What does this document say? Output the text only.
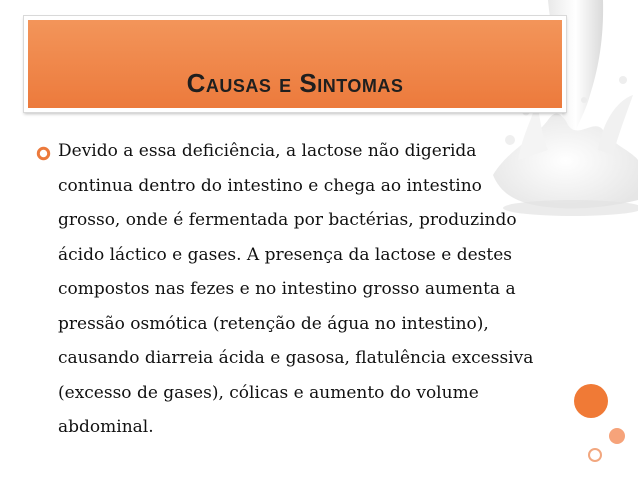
Causas e Sintomas

Devido a essa deficiência, a lactose não digerida continua dentro do intestino e chega ao intestino grosso, onde é fermentada por bactérias, produzindo ácido láctico e gases. A presença da lactose e destes compostos nas fezes e no intestino grosso aumenta a pressão osmótica (retenção de água no intestino), causando diarreia ácida e gasosa, flatulência excessiva (excesso de gases), cólicas e aumento do volume abdominal.
